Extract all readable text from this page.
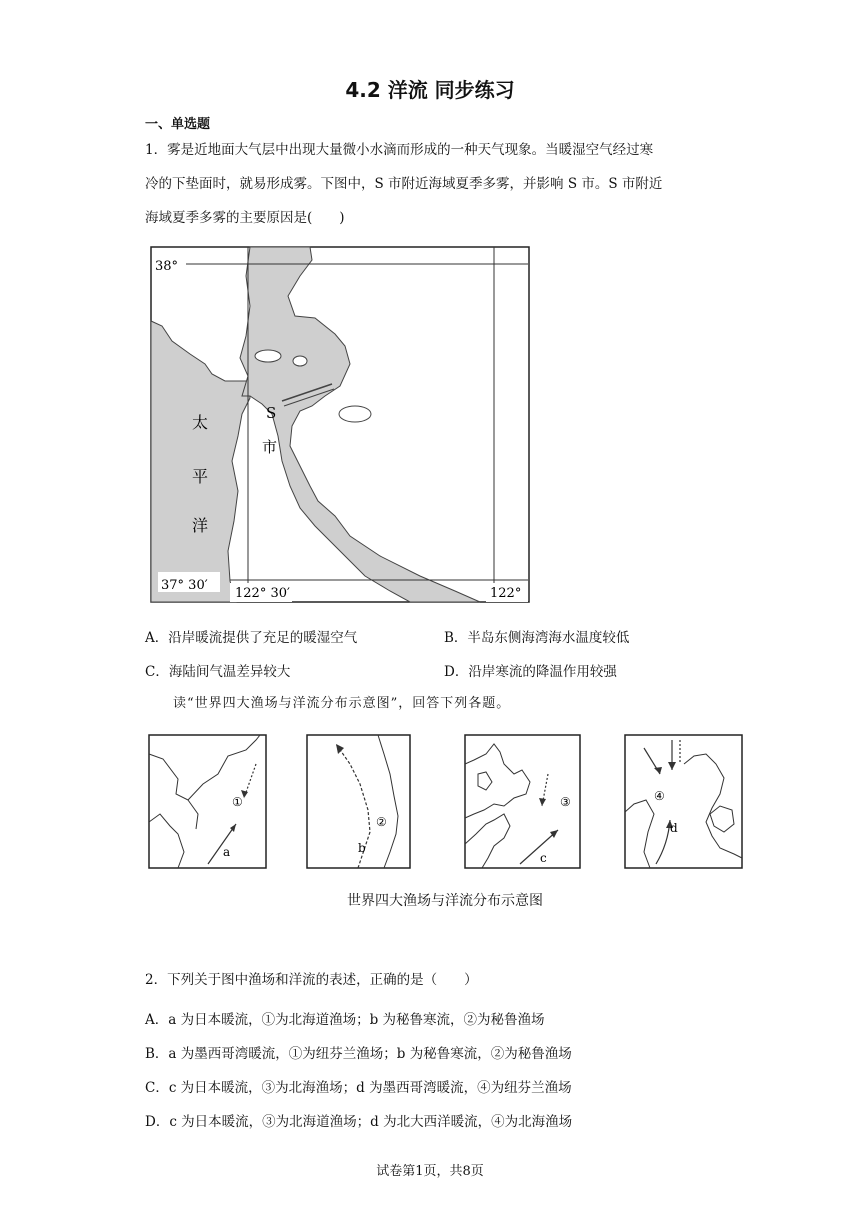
4.2 洋流 同步练习
一、单选题
1．雾是近地面大气层中出现大量微小水滴而形成的一种天气现象。当暖湿空气经过寒
冷的下垫面时，就易形成雾。下图中，S 市附近海域夏季多雾，并影响 S 市。S 市附近
海域夏季多雾的主要原因是(　　)
38°
37° 30′
122° 30′	122°
太
平
洋
S
市
A．沿岸暖流提供了充足的暖湿空气	B．半岛东侧海湾海水温度较低
C．海陆间气温差异较大	D．沿岸寒流的降温作用较强
读“世界四大渔场与洋流分布示意图”，回答下列各题。
①
a
②
b
③
c
④
d
世界四大渔场与洋流分布示意图
2．下列关于图中渔场和洋流的表述，正确的是（　　）
A．a 为日本暖流，①为北海道渔场；b 为秘鲁寒流，②为秘鲁渔场
B．a 为墨西哥湾暖流，①为纽芬兰渔场；b 为秘鲁寒流，②为秘鲁渔场
C．c 为日本暖流，③为北海渔场；d 为墨西哥湾暖流，④为纽芬兰渔场
D．c 为日本暖流，③为北海道渔场；d 为北大西洋暖流，④为北海渔场
试卷第1页，共8页
